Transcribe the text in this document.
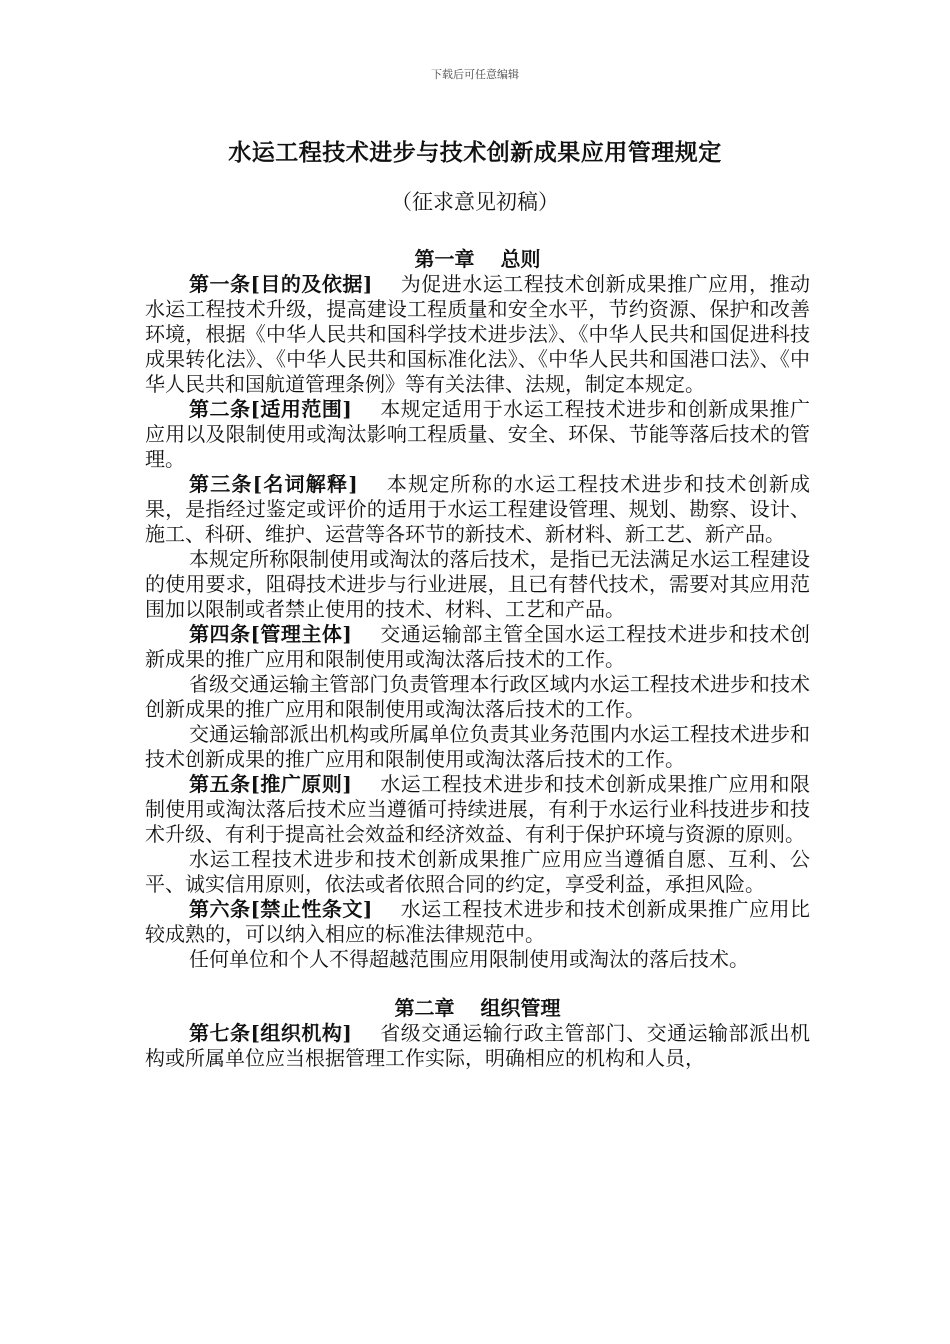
下载后可任意编辑
水运工程技术进步与技术创新成果应用管理规定
（征求意见初稿）

第一章 总则

第一条[目的及依据] 为促进水运工程技术创新成果推广应用，推动水运工程技术升级，提高建设工程质量和安全水平，节约资源、保护和改善环境，根据《中华人民共和国科学技术进步法》、《中华人民共和国促进科技成果转化法》、《中华人民共和国标准化法》、《中华人民共和国港口法》、《中华人民共和国航道管理条例》等有关法律、法规，制定本规定。

第二条[适用范围] 本规定适用于水运工程技术进步和创新成果推广应用以及限制使用或淘汰影响工程质量、安全、环保、节能等落后技术的管理。

第三条[名词解释] 本规定所称的水运工程技术进步和技术创新成果，是指经过鉴定或评价的适用于水运工程建设管理、规划、勘察、设计、施工、科研、维护、运营等各环节的新技术、新材料、新工艺、新产品。

本规定所称限制使用或淘汰的落后技术，是指已无法满足水运工程建设的使用要求，阻碍技术进步与行业进展，且已有替代技术，需要对其应用范围加以限制或者禁止使用的技术、材料、工艺和产品。

第四条[管理主体] 交通运输部主管全国水运工程技术进步和技术创新成果的推广应用和限制使用或淘汰落后技术的工作。

省级交通运输主管部门负责管理本行政区域内水运工程技术进步和技术创新成果的推广应用和限制使用或淘汰落后技术的工作。

交通运输部派出机构或所属单位负责其业务范围内水运工程技术进步和技术创新成果的推广应用和限制使用或淘汰落后技术的工作。

第五条[推广原则] 水运工程技术进步和技术创新成果推广应用和限制使用或淘汰落后技术应当遵循可持续进展，有利于水运行业科技进步和技术升级、有利于提高社会效益和经济效益、有利于保护环境与资源的原则。

水运工程技术进步和技术创新成果推广应用应当遵循自愿、互利、公平、诚实信用原则，依法或者依照合同的约定，享受利益，承担风险。

第六条[禁止性条文] 水运工程技术进步和技术创新成果推广应用比较成熟的，可以纳入相应的标准法律规范中。

任何单位和个人不得超越范围应用限制使用或淘汰的落后技术。

第二章 组织管理

第七条[组织机构] 省级交通运输行政主管部门、交通运输部派出机构或所属单位应当根据管理工作实际，明确相应的机构和人员，
